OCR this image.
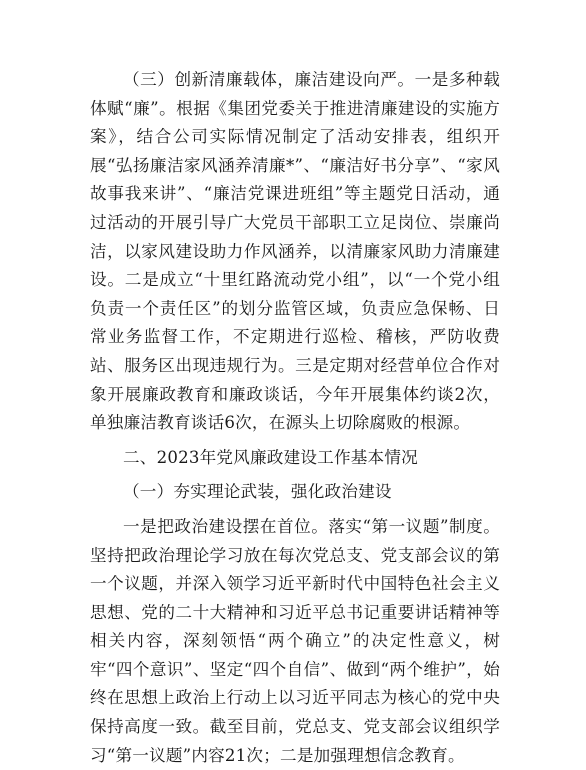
（三）创新清廉载体，廉洁建设向严。一是多种载体赋“廉”。根据《集团党委关于推进清廉建设的实施方案》，结合公司实际情况制定了活动安排表，组织开展“弘扬廉洁家风涵养清廉*”、“廉洁好书分享”、“家风故事我来讲”、“廉洁党课进班组”等主题党日活动，通过活动的开展引导广大党员干部职工立足岗位、崇廉尚洁，以家风建设助力作风涵养，以清廉家风助力清廉建设。二是成立“十里红路流动党小组”，以“一个党小组负责一个责任区”的划分监管区域，负责应急保畅、日常业务监督工作，不定期进行巡检、稽核，严防收费站、服务区出现违规行为。三是定期对经营单位合作对象开展廉政教育和廉政谈话，今年开展集体约谈2次，单独廉洁教育谈话6次，在源头上切除腐败的根源。

二、2023年党风廉政建设工作基本情况

（一）夯实理论武装，强化政治建设

一是把政治建设摆在首位。落实“第一议题”制度。坚持把政治理论学习放在每次党总支、党支部会议的第一个议题，并深入领学习近平新时代中国特色社会主义思想、党的二十大精神和习近平总书记重要讲话精神等相关内容，深刻领悟“两个确立”的决定性意义，树牢“四个意识”、坚定“四个自信”、做到“两个维护”，始终在思想上政治上行动上以习近平同志为核心的党中央保持高度一致。截至目前，党总支、党支部会议组织学习“第一议题”内容21次；二是加强理想信念教育。
